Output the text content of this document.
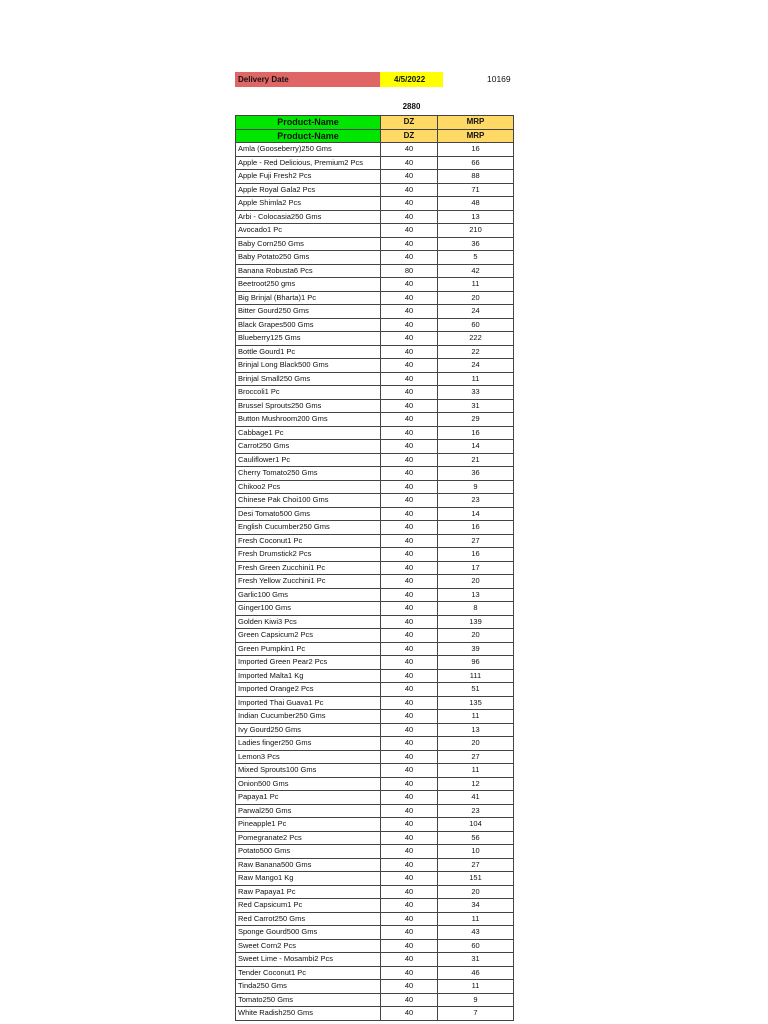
Delivery Date	4/5/2022	10169
2880
Product-Name	DZ	MRP
Product-Name	DZ	MRP
Amla (Gooseberry)250 Gms	40	16
Apple - Red Delicious, Premium2 Pcs	40	66
Apple Fuji Fresh2 Pcs	40	88
Apple Royal Gala2 Pcs	40	71
Apple Shimla2 Pcs	40	48
Arbi - Colocasia250 Gms	40	13
Avocado1 Pc	40	210
Baby Corn250 Gms	40	36
Baby Potato250 Gms	40	5
Banana Robusta6 Pcs	80	42
Beetroot250 gms	40	11
Big Brinjal (Bharta)1 Pc	40	20
Bitter Gourd250 Gms	40	24
Black Grapes500 Gms	40	60
Blueberry125 Gms	40	222
Bottle Gourd1 Pc	40	22
Brinjal Long Black500 Gms	40	24
Brinjal Small250 Gms	40	11
Broccoli1 Pc	40	33
Brussel Sprouts250 Gms	40	31
Button Mushroom200 Gms	40	29
Cabbage1 Pc	40	16
Carrot250 Gms	40	14
Cauliflower1 Pc	40	21
Cherry Tomato250 Gms	40	36
Chikoo2 Pcs	40	9
Chinese Pak Choi100 Gms	40	23
Desi Tomato500 Gms	40	14
English Cucumber250 Gms	40	16
Fresh Coconut1 Pc	40	27
Fresh Drumstick2 Pcs	40	16
Fresh Green Zucchini1 Pc	40	17
Fresh Yellow Zucchini1 Pc	40	20
Garlic100 Gms	40	13
Ginger100 Gms	40	8
Golden Kiwi3 Pcs	40	139
Green Capsicum2 Pcs	40	20
Green Pumpkin1 Pc	40	39
Imported Green Pear2 Pcs	40	96
Imported Malta1 Kg	40	111
Imported Orange2 Pcs	40	51
Imported Thai Guava1 Pc	40	135
Indian Cucumber250 Gms	40	11
Ivy Gourd250 Gms	40	13
Ladies finger250 Gms	40	20
Lemon3 Pcs	40	27
Mixed Sprouts100 Gms	40	11
Onion500 Gms	40	12
Papaya1 Pc	40	41
Parwal250 Gms	40	23
Pineapple1 Pc	40	104
Pomegranate2 Pcs	40	56
Potato500 Gms	40	10
Raw Banana500 Gms	40	27
Raw Mango1 Kg	40	151
Raw Papaya1 Pc	40	20
Red Capsicum1 Pc	40	34
Red Carrot250 Gms	40	11
Sponge Gourd500 Gms	40	43
Sweet Corn2 Pcs	40	60
Sweet Lime - Mosambi2 Pcs	40	31
Tender Coconut1 Pc	40	46
Tinda250 Gms	40	11
Tomato250 Gms	40	9
White Radish250 Gms	40	7
